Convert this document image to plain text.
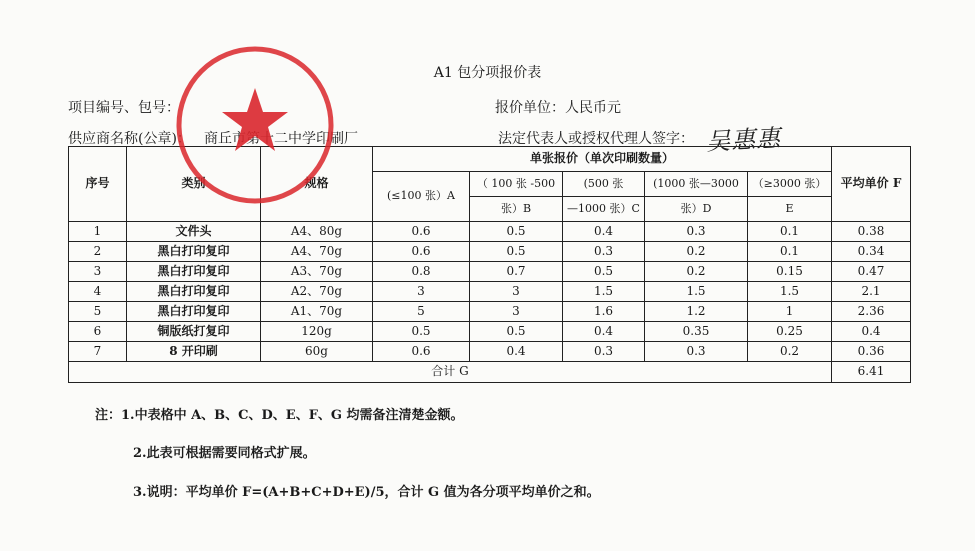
A1 包分项报价表
项目编号、包号：	报价单位：人民币元
供应商名称(公章)： 商丘市第十二中学印刷厂	法定代表人或授权代理人签字： 吴惠惠
序号	类别	规格	单张报价（单次印刷数量）					平均单价 F
			(≤100 张）A	（ 100 张 -500	(500 张	(1000 张—3000	（≥3000 张）	
				张）B	—1000 张）C	张）D	E	
1	文件头	A4、80g	0.6	0.5	0.4	0.3	0.1	0.38
2	黑白打印复印	A4、70g	0.6	0.5	0.3	0.2	0.1	0.34
3	黑白打印复印	A3、70g	0.8	0.7	0.5	0.2	0.15	0.47
4	黑白打印复印	A2、70g	3	3	1.5	1.5	1.5	2.1
5	黑白打印复印	A1、70g	5	3	1.6	1.2	1	2.36
6	铜版纸打复印	120g	0.5	0.5	0.4	0.35	0.25	0.4
7	8 开印刷	60g	0.6	0.4	0.3	0.3	0.2	0.36
合计 G								6.41
注：1.中表格中 A、B、C、D、E、F、G 均需备注清楚金额。
2.此表可根据需要同格式扩展。
3.说明：平均单价 F=(A+B+C+D+E)/5，合计 G 值为各分项平均单价之和。
